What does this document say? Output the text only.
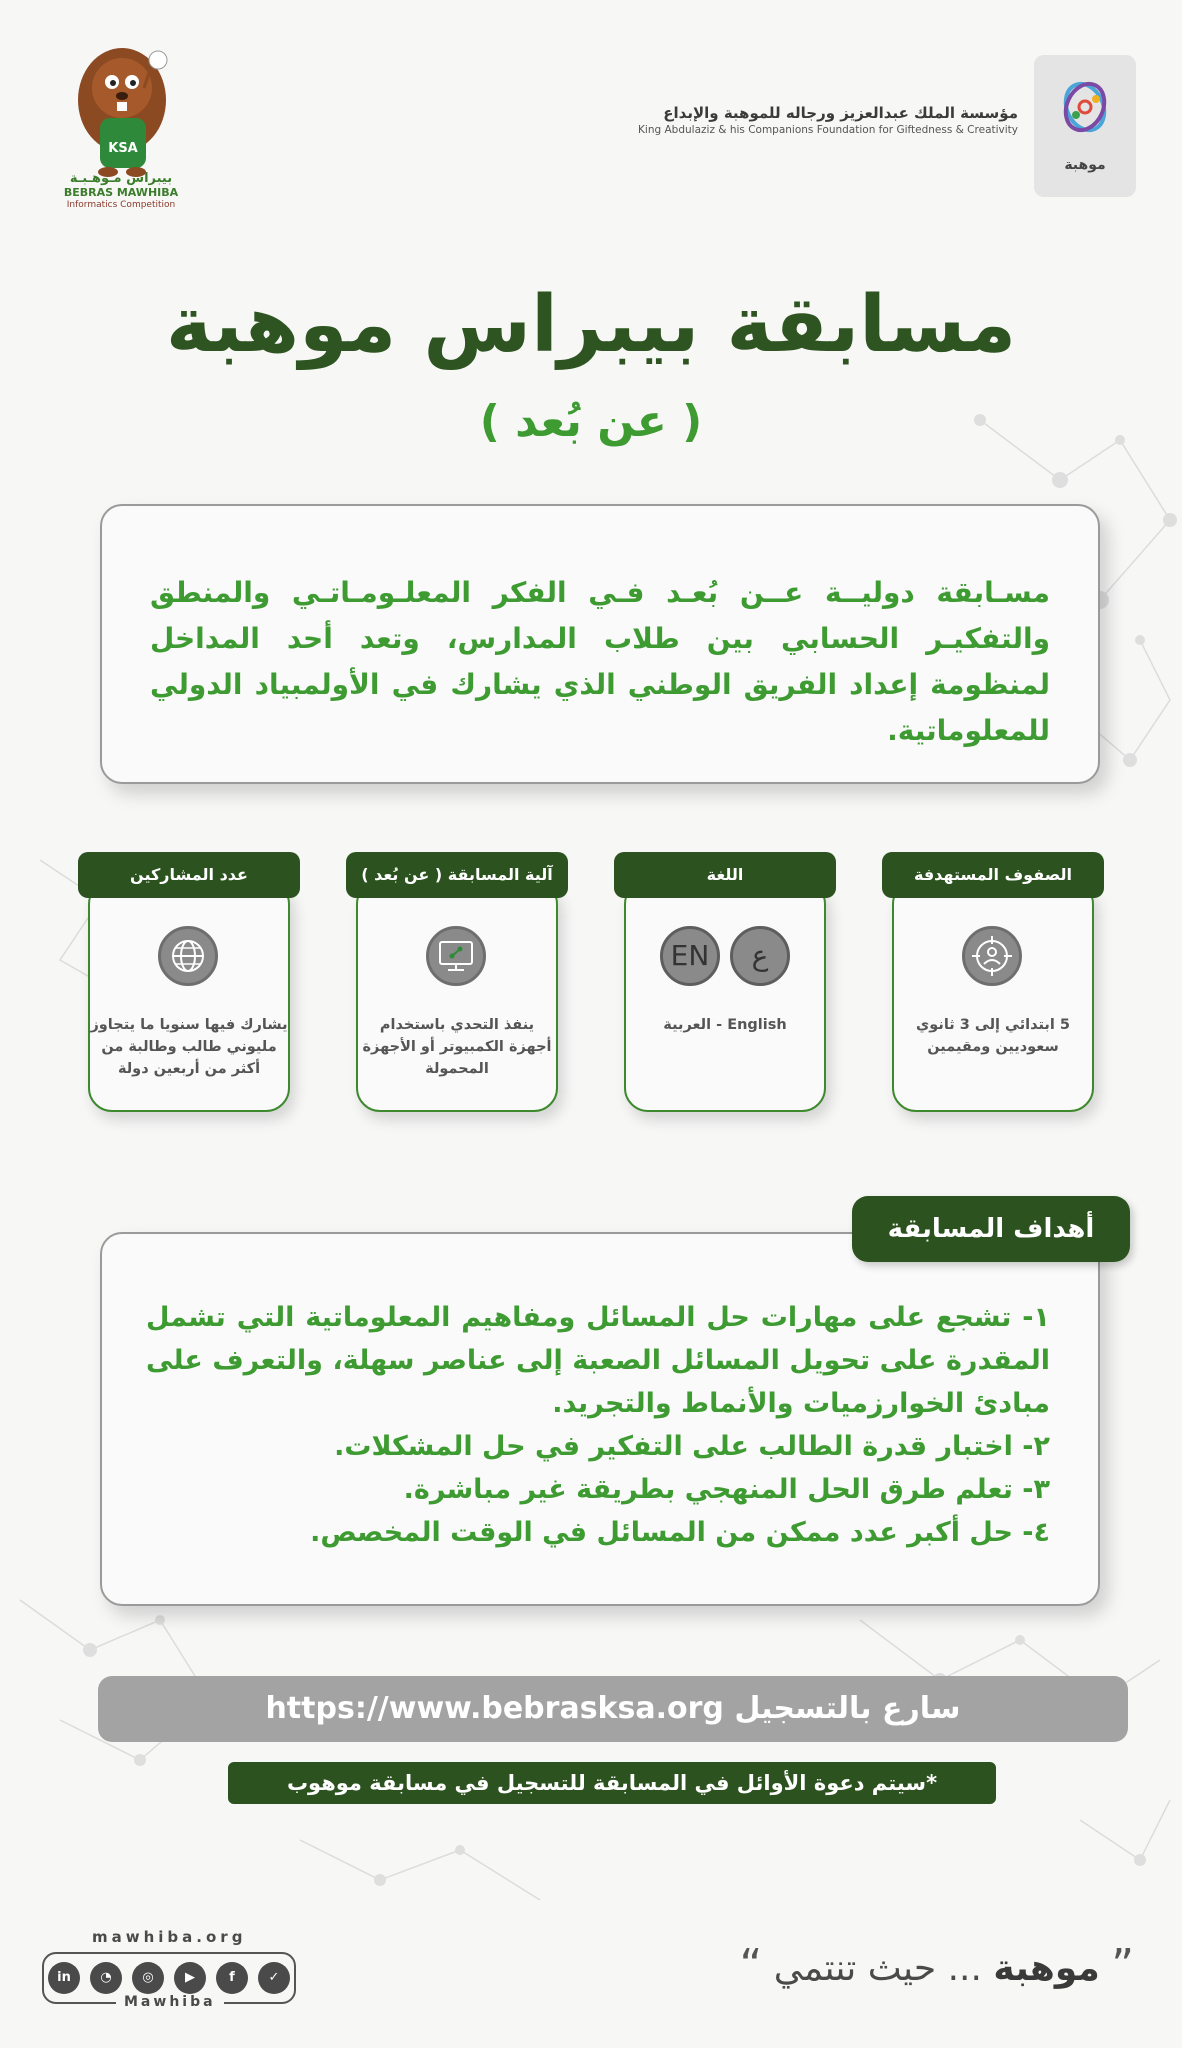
KSA
بيبراس مـوهـبـة
BEBRAS MAWHIBA
Informatics Competition
مؤسسة الملك عبدالعزيز ورجاله للموهبة والإبداع
King Abdulaziz & his Companions Foundation for Giftedness & Creativity
موهبة
مسابقة بيبراس موهبة
( عن بُعد )

مسـابقة دوليــة عــن بُعـد فـي الفكر المعلـومـاتـي والمنطق والتفكيـر الحسابي بين طلاب المدارس، وتعد أحد المداخل لمنظومة إعداد الفريق الوطني الذي يشارك في الأولمبياد الدولي للمعلوماتية.

الصفوف المستهدفة
5 ابتدائي إلى 3 ثانوي سعوديين ومقيمين
اللغة
EN	ع
English - العربية
آلية المسابقة ( عن بُعد )
ينفذ التحدي باستخدام أجهزة الكمبيوتر أو الأجهزة المحمولة
عدد المشاركين
يشارك فيها سنويا ما يتجاوز مليوني طالب وطالبة من أكثر من أربعين دولة
١- تشجع على مهارات حل المسائل ومفاهيم المعلوماتية التي تشمل المقدرة على تحويل المسائل الصعبة إلى عناصر سهلة، والتعرف على مبادئ الخوارزميات والأنماط والتجريد.
٢- اختبار قدرة الطالب على التفكير في حل المشكلات.
٣- تعلم طرق الحل المنهجي بطريقة غير مباشرة.
٤- حل أكبر عدد ممكن من المسائل في الوقت المخصص.
أهداف المسابقة
سارع بالتسجيل https://www.bebrasksa.org
*سيتم دعوة الأوائل في المسابقة للتسجيل في مسابقة موهوب
mawhiba.org
in	◔	◎	▶	f	✓
Mawhiba
” موهبة ... حيث تنتمي “
